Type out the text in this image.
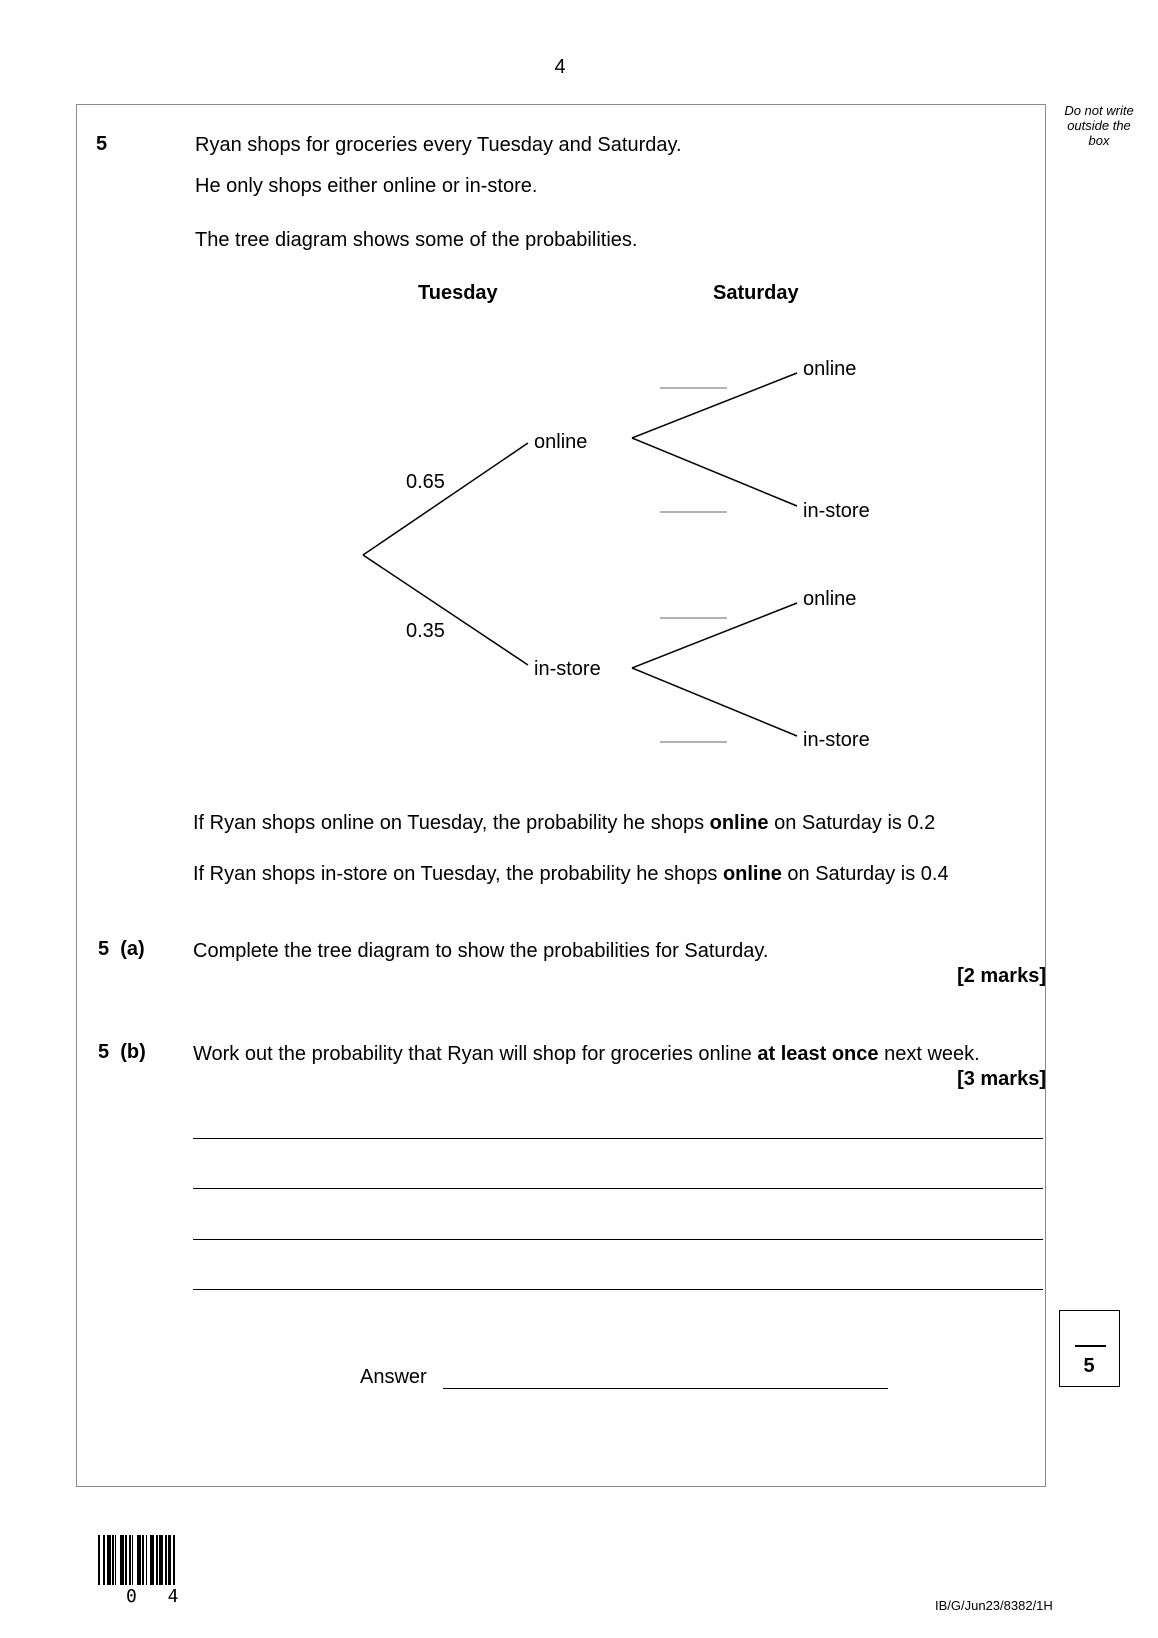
4
Do not write outside the box
5	Ryan shops for groceries every Tuesday and Saturday.
He only shops either online or in-store.
The tree diagram shows some of the probabilities.
Tuesday	Saturday
0.65
0.35
online
in-store
online
in-store
online
in-store
If Ryan shops online on Tuesday, the probability he shops online on Saturday is 0.2
If Ryan shops in-store on Tuesday, the probability he shops online on Saturday is 0.4
5  (a) Complete the tree diagram to show the probabilities for Saturday.
[2 marks]
5  (b) Work out the probability that Ryan will shop for groceries online at least once next week.
[3 marks]
Answer	5
0 4	IB/G/Jun23/8382/1H
